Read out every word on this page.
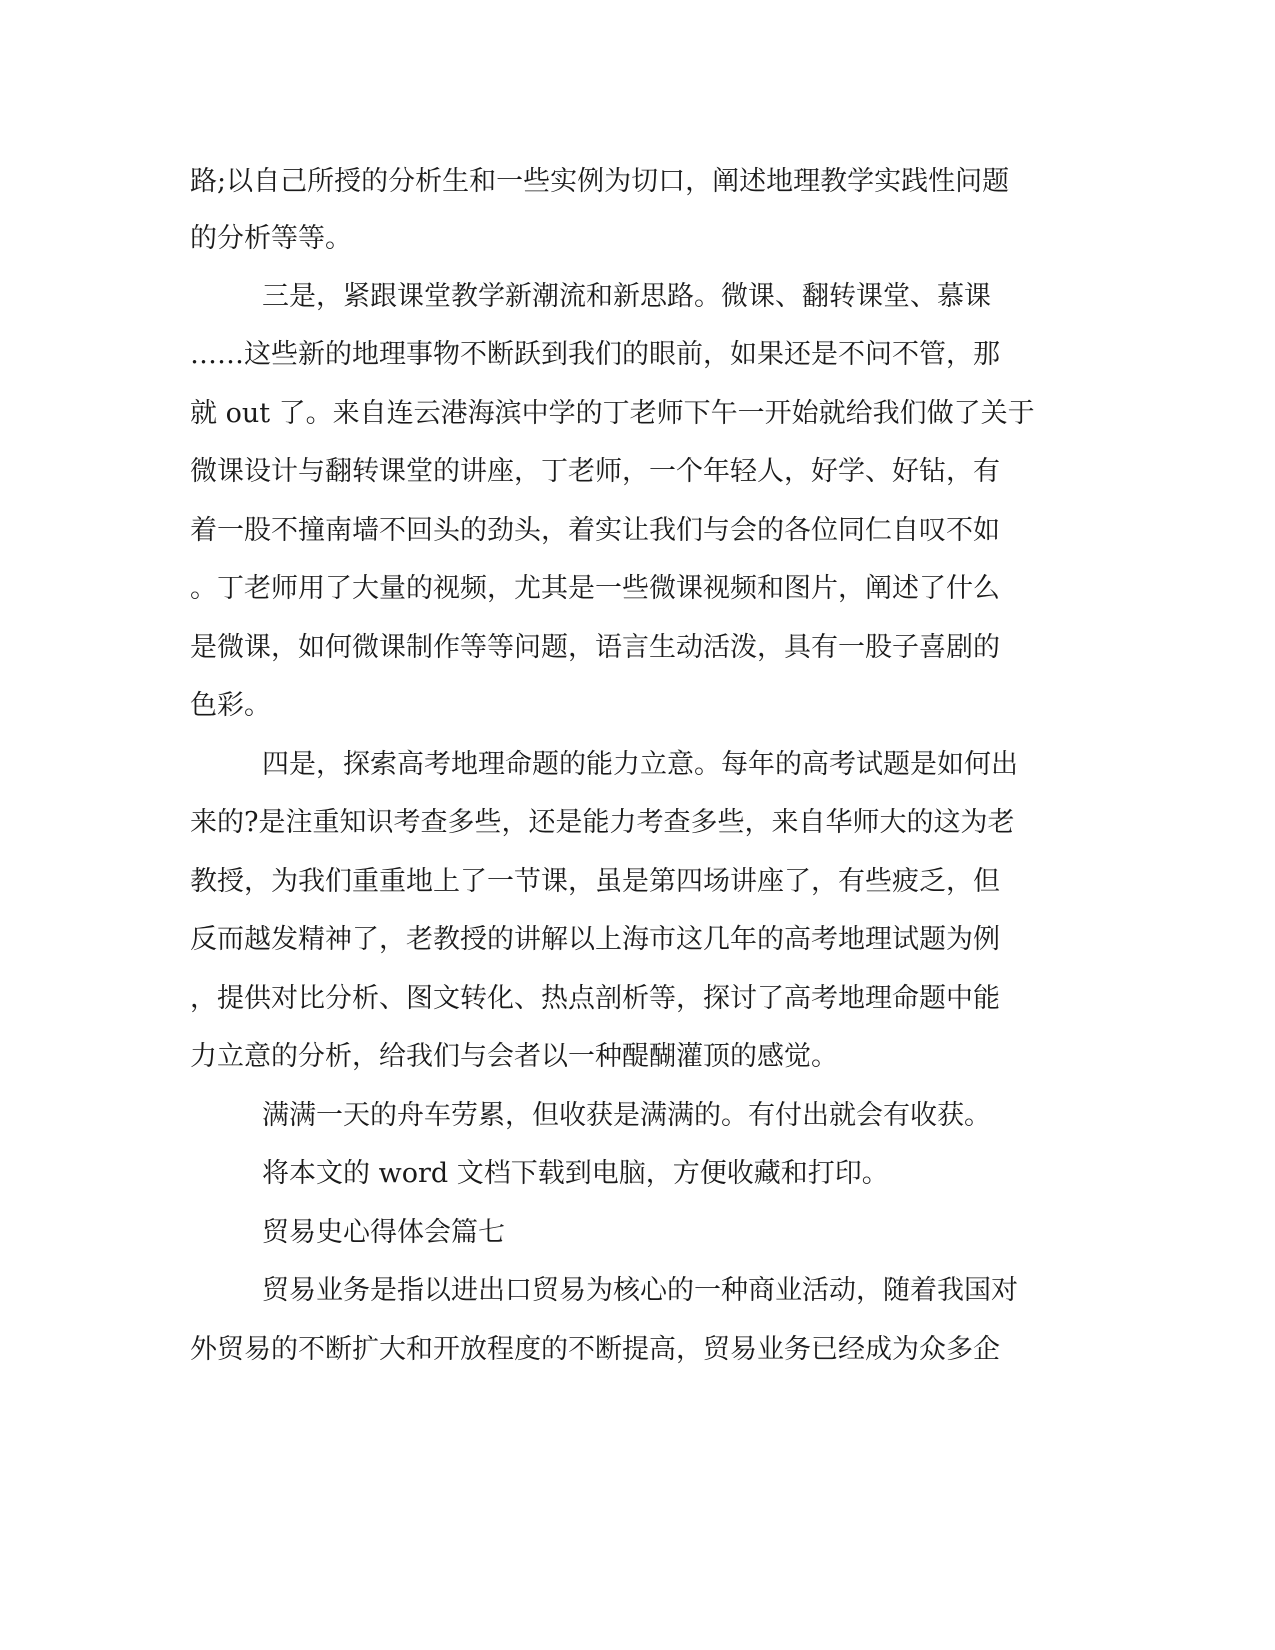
路;以自己所授的分析生和一些实例为切口，阐述地理教学实践性问题
的分析等等。
三是，紧跟课堂教学新潮流和新思路。微课、翻转课堂、慕课
……这些新的地理事物不断跃到我们的眼前，如果还是不问不管，那
就 out 了。来自连云港海滨中学的丁老师下午一开始就给我们做了关于
微课设计与翻转课堂的讲座，丁老师，一个年轻人，好学、好钻，有
着一股不撞南墙不回头的劲头，着实让我们与会的各位同仁自叹不如
。丁老师用了大量的视频，尤其是一些微课视频和图片，阐述了什么
是微课，如何微课制作等等问题，语言生动活泼，具有一股子喜剧的
色彩。
四是，探索高考地理命题的能力立意。每年的高考试题是如何出
来的?是注重知识考查多些，还是能力考查多些，来自华师大的这为老
教授，为我们重重地上了一节课，虽是第四场讲座了，有些疲乏，但
反而越发精神了，老教授的讲解以上海市这几年的高考地理试题为例
，提供对比分析、图文转化、热点剖析等，探讨了高考地理命题中能
力立意的分析，给我们与会者以一种醍醐灌顶的感觉。
满满一天的舟车劳累，但收获是满满的。有付出就会有收获。
将本文的 word 文档下载到电脑，方便收藏和打印。
贸易史心得体会篇七
贸易业务是指以进出口贸易为核心的一种商业活动，随着我国对
外贸易的不断扩大和开放程度的不断提高，贸易业务已经成为众多企
